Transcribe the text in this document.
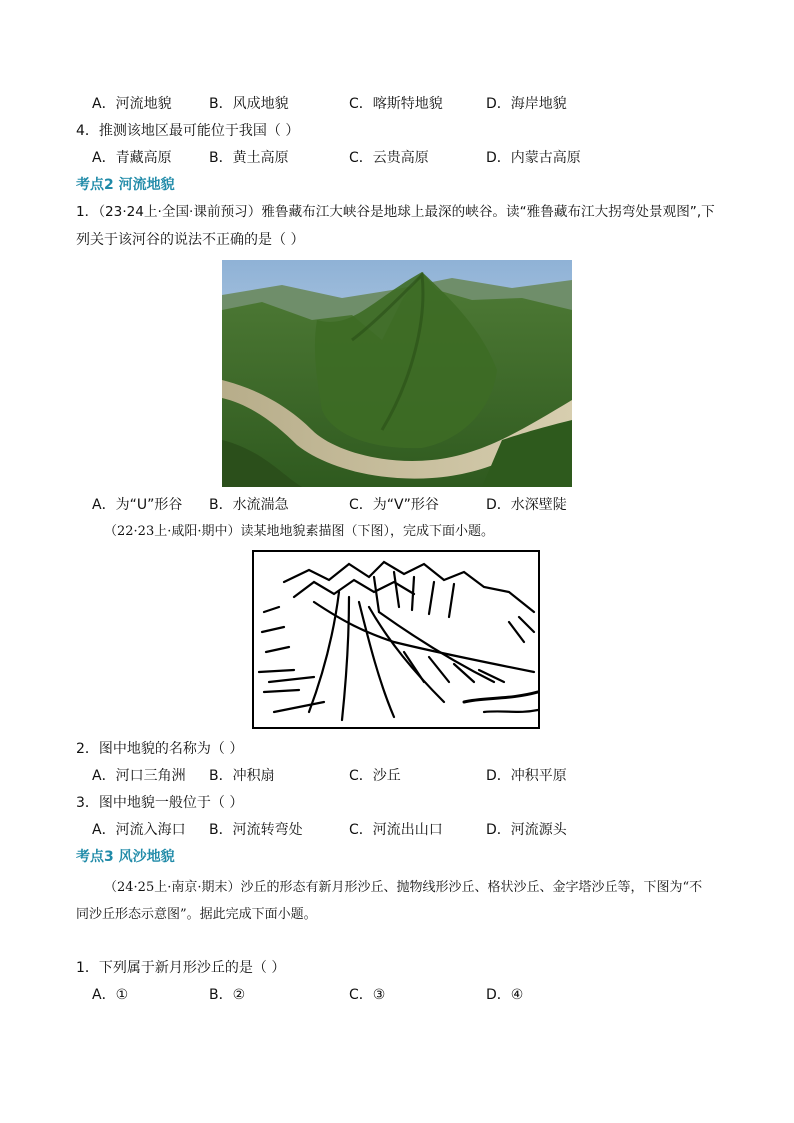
A．河流地貌	B．风成地貌	C．喀斯特地貌	D．海岸地貌
4．推测该地区最可能位于我国（ ）
A．青藏高原	B．黄土高原	C．云贵高原	D．内蒙古高原
考点2 河流地貌
1．（23·24上·全国·课前预习）雅鲁藏布江大峡谷是地球上最深的峡谷。读“雅鲁藏布江大拐弯处景观图”,下
列关于该河谷的说法不正确的是（ ）
A．为“U”形谷 B．水流湍急	C．为“V”形谷	D．水深壁陡
（22·23上·咸阳·期中）读某地地貌素描图（下图），完成下面小题。
2．图中地貌的名称为（ ）
A．河口三角洲 B．冲积扇	C．沙丘	D．冲积平原
3．图中地貌一般位于（ ）
A．河流入海口 B．河流转弯处	C．河流出山口	D．河流源头
考点3 风沙地貌
（24·25上·南京·期末）沙丘的形态有新月形沙丘、抛物线形沙丘、格状沙丘、金字塔沙丘等，下图为“不
同沙丘形态示意图”。据此完成下面小题。
1．下列属于新月形沙丘的是（ ）
A．①	B．②	C．③	D．④
